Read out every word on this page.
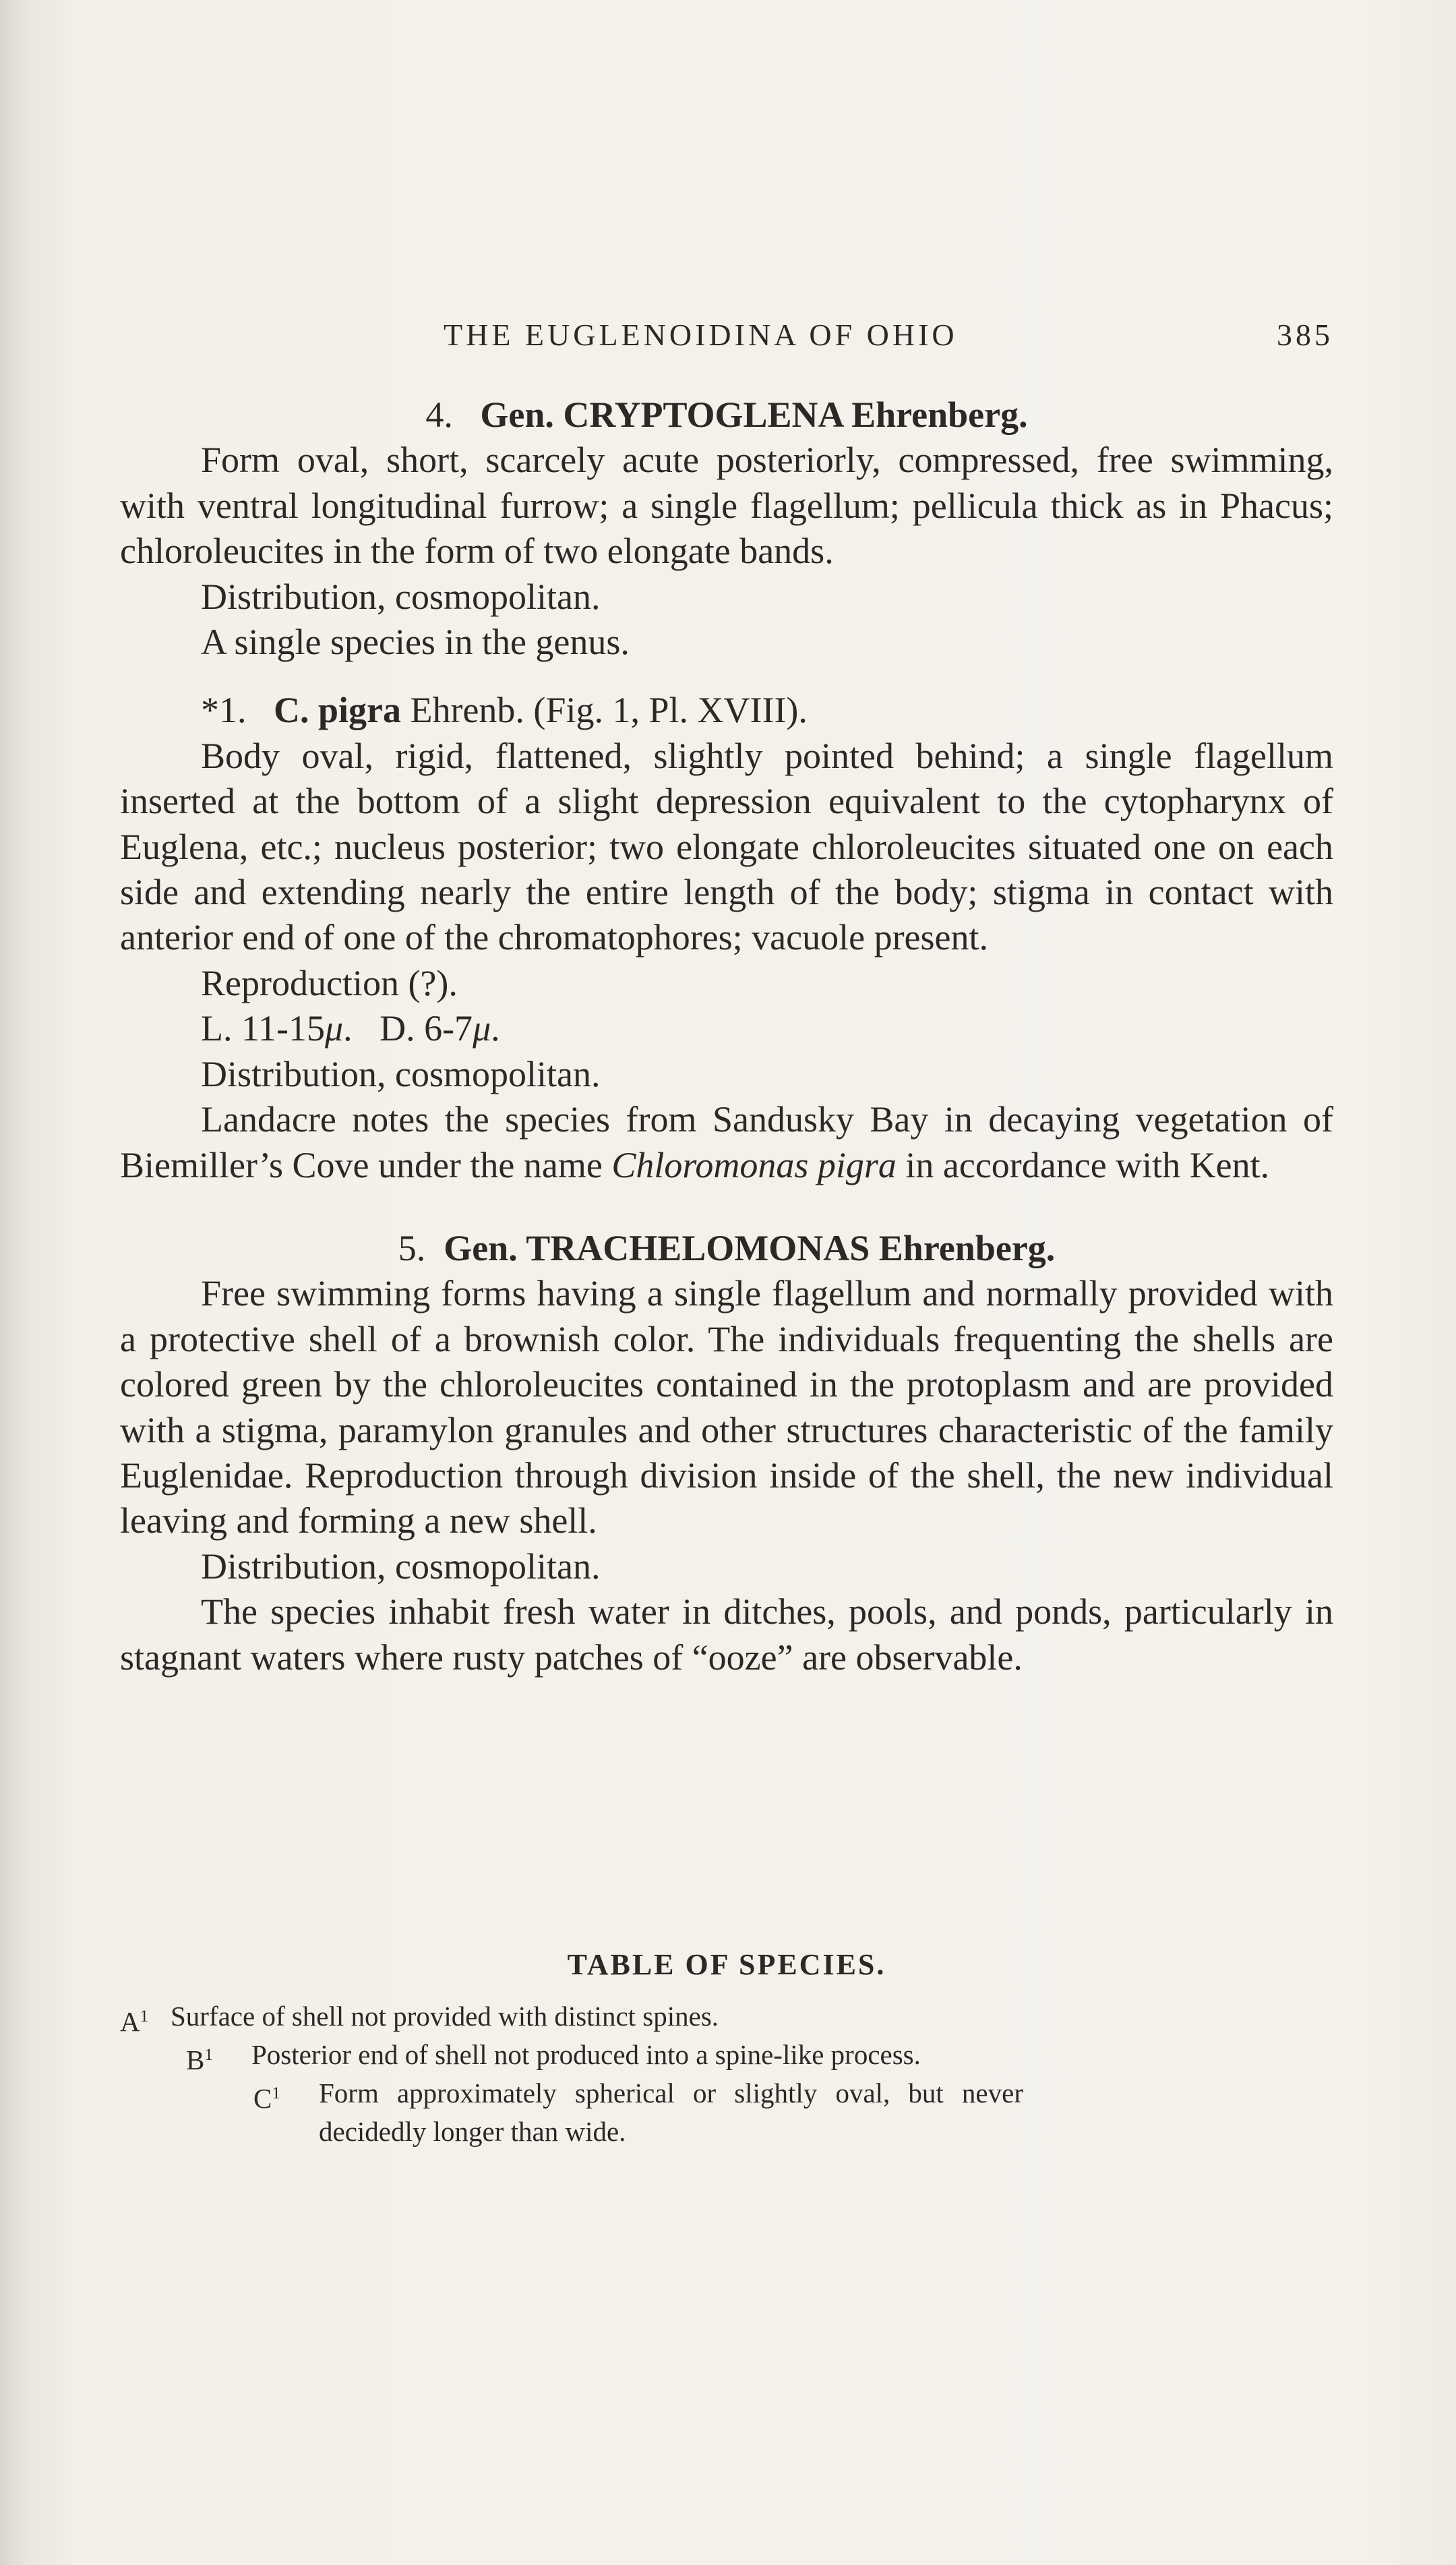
THE EUGLENOIDINA OF OHIO	385
4. Gen. CRYPTOGLENA Ehrenberg.

Form oval, short, scarcely acute posteriorly, compressed, free swimming, with ventral longitudinal furrow; a single flagellum; pellicula thick as in Phacus; chloroleucites in the form of two elongate bands.

Distribution, cosmopolitan.

A single species in the genus.

*1. C. pigra Ehrenb. (Fig. 1, Pl. XVIII).

Body oval, rigid, flattened, slightly pointed behind; a single flagellum inserted at the bottom of a slight depression equivalent to the cytopharynx of Euglena, etc.; nucleus posterior; two elongate chloroleucites situated one on each side and extending nearly the entire length of the body; stigma in contact with anterior end of one of the chromatophores; vacuole present.

Reproduction (?).

L. 11-15μ.   D. 6-7μ.

Distribution, cosmopolitan.

Landacre notes the species from Sandusky Bay in decaying vegetation of Biemiller’s Cove under the name Chloromonas pigra in accordance with Kent.

5. Gen. TRACHELOMONAS Ehrenberg.

Free swimming forms having a single flagellum and normally provided with a protective shell of a brownish color. The individuals frequenting the shells are colored green by the chloroleucites contained in the protoplasm and are provided with a stigma, paramylon granules and other structures characteristic of the family Euglenidae. Reproduction through division inside of the shell, the new individual leaving and forming a new shell.

Distribution, cosmopolitan.

The species inhabit fresh water in ditches, pools, and ponds, particularly in stagnant waters where rusty patches of “ooze” are observable.

TABLE OF SPECIES.
$A^1$ Surface of shell not provided with distinct spines.
$B^1$ Posterior end of shell not produced into a spine-like process.
$C^1$ Form approximately spherical or slightly oval, but never decidedly longer than wide.
